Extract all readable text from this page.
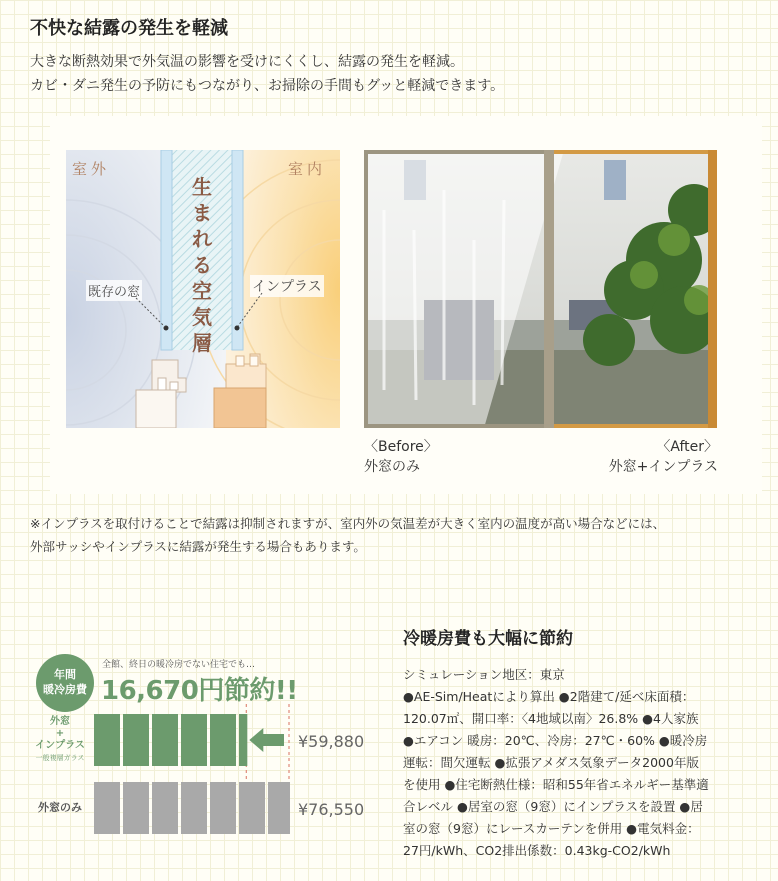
不快な結露の発生を軽減
大きな断熱効果で外気温の影響を受けにくくし、結露の発生を軽減。
カビ・ダニ発生の予防にもつながり、お掃除の手間もグッと軽減できます。
室外	室内
生
ま
れ
る
空
気
層
既存の窓	インプラス
〈Before〉
外窓のみ
〈After〉
外窓+インプラス
※インプラスを取付けることで結露は抑制されますが、室内外の気温差が大きく室内の温度が高い場合などには、
外部サッシやインプラスに結露が発生する場合もあります。
年間
暖冷房費
全館、終日の暖冷房でない住宅でも…
16,670円節約!!
外窓
+
インプラス
一般複層ガラス
外窓のみ
¥59,880
¥76,550
冷暖房費も大幅に節約
シミュレーション地区：東京
●AE-Sim/Heatにより算出 ●2階建て/延べ床面積：
120.07㎡、開口率：〈4地域以南〉26.8% ●4人家族
●エアコン 暖房：20℃、冷房：27℃・60% ●暖冷房
運転：間欠運転 ●拡張アメダス気象データ2000年版
を使用 ●住宅断熱仕様：昭和55年省エネルギー基準適
合レベル ●居室の窓（9窓）にインプラスを設置 ●居
室の窓（9窓）にレースカーテンを併用 ●電気料金：
27円/kWh、CO2排出係数：0.43kg-CO2/kWh
